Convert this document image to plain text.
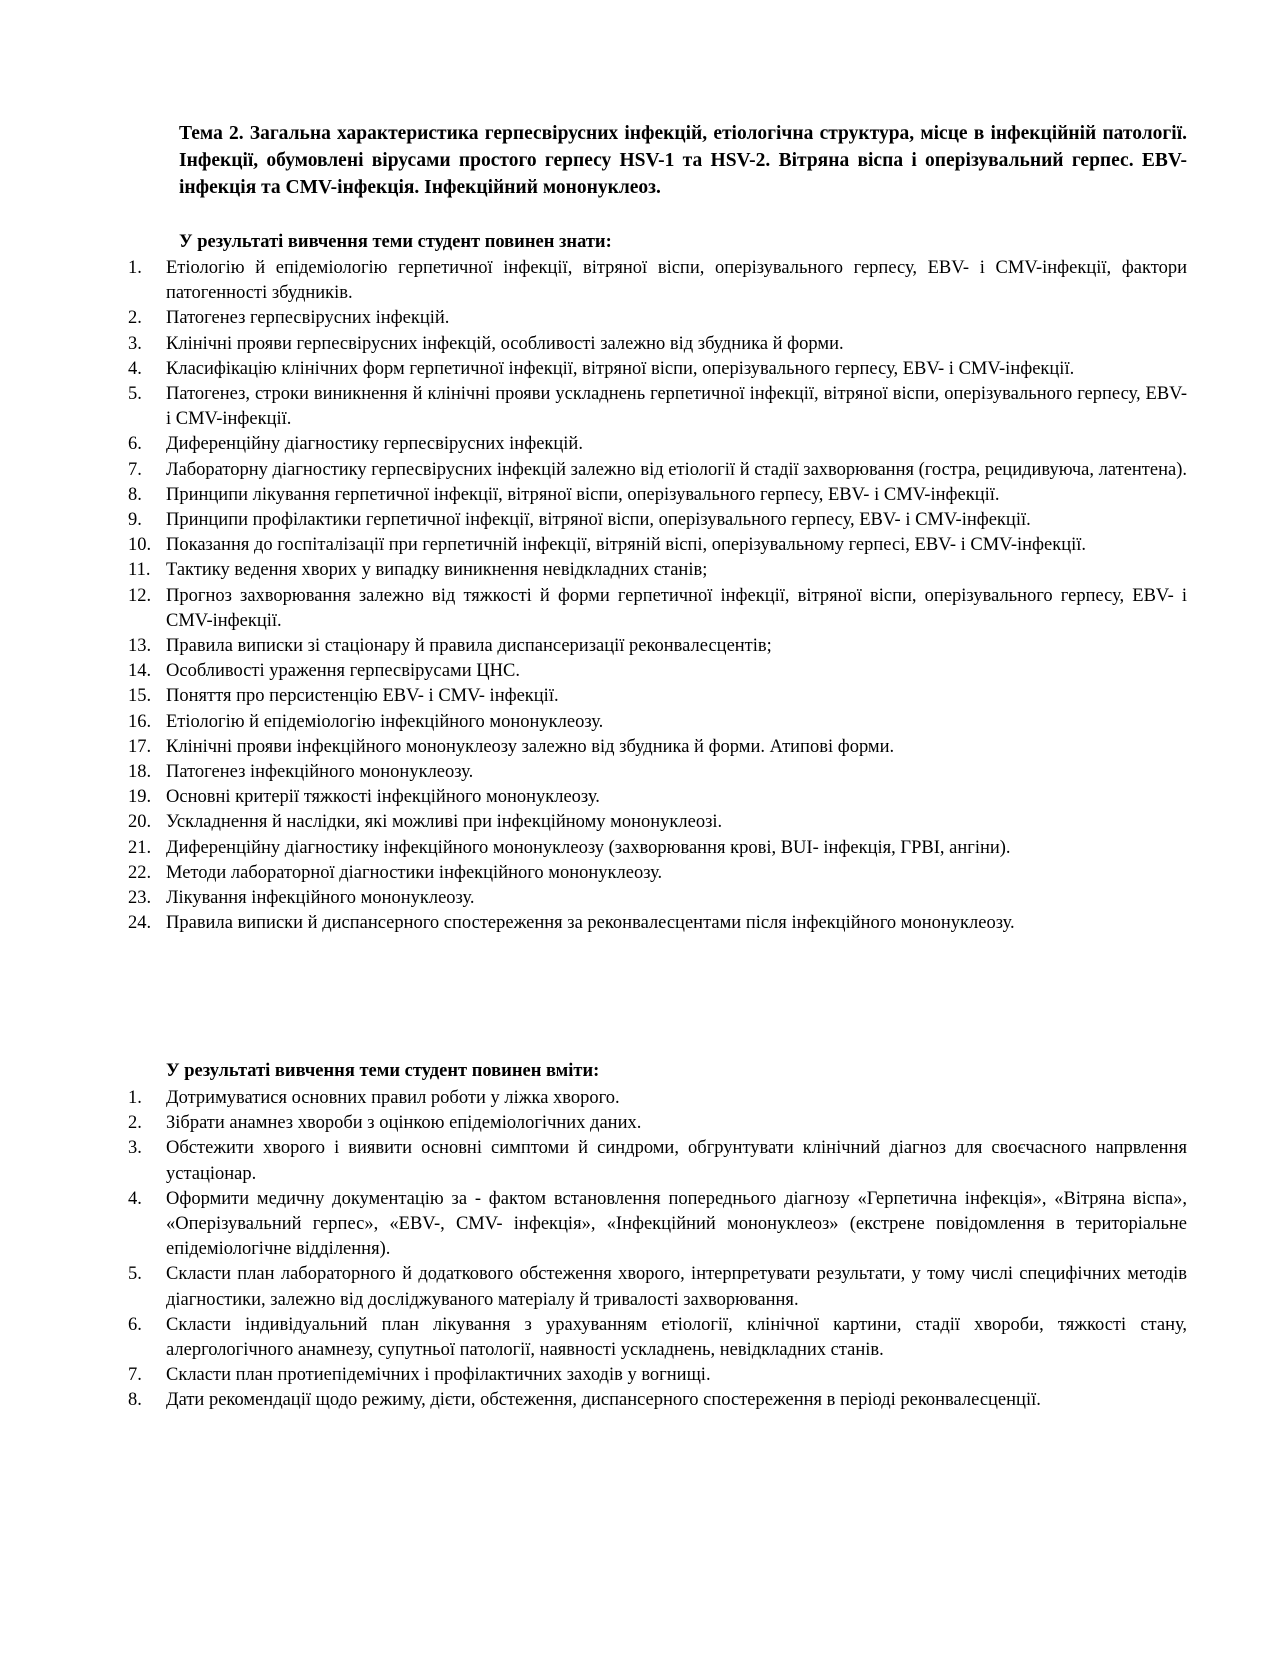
Тема 2. Загальна характеристика герпесвірусних інфекцій, етіологічна структура, місце в інфекційній патології. Інфекції, обумовлені вірусами простого герпесу HSV-1 та HSV-2. Вітряна віспа і оперізувальний герпес. EBV-інфекція та CMV-інфекція. Інфекційний мононуклеоз.

У результаті вивчення теми студент повинен знати:

1.	Етіологію й епідеміологію герпетичної інфекції, вітряної віспи, оперізувального герпесу, EBV- і CMV-інфекції, фактори патогенності збудників.
2.	Патогенез герпесвірусних інфекцій.
3.	Клінічні прояви герпесвірусних інфекцій, особливості залежно від збудника й форми.
4.	Класифікацію клінічних форм герпетичної інфекції, вітряної віспи, оперізувального герпесу, EBV- і CMV-інфекції.
5.	Патогенез, строки виникнення й клінічні прояви ускладнень герпетичної інфекції, вітряної віспи, оперізувального герпесу, EBV- і CMV-інфекції.
6.	Диференційну діагностику герпесвірусних інфекцій.
7.	Лабораторну діагностику герпесвірусних інфекцій залежно від етіології й стадії захворювання (гостра, рецидивуюча, латентена).
8.	Принципи лікування герпетичної інфекції, вітряної віспи, оперізувального герпесу, EBV- і CMV-інфекції.
9.	Принципи профілактики герпетичної інфекції, вітряної віспи, оперізувального герпесу, EBV- і CMV-інфекції.
10. Показання до госпіталізації при герпетичній інфекції, вітряній віспі, оперізувальному герпесі, EBV- і CMV-інфекції.
11. Тактику ведення хворих у випадку виникнення невідкладних станів;
12. Прогноз захворювання залежно від тяжкості й форми герпетичної інфекції, вітряної віспи, оперізувального герпесу, EBV- і CMV-інфекції.
13. Правила виписки зі стаціонару й правила диспансеризації реконвалесцентів;
14. Особливості ураження герпесвірусами ЦНС.
15. Поняття про персистенцію EBV- і CMV- інфекції.
16. Етіологію й епідеміологію інфекційного мононуклеозу.
17. Клінічні прояви інфекційного мононуклеозу залежно від збудника й форми. Атипові форми.
18. Патогенез інфекційного мононуклеозу.
19. Основні критерії тяжкості інфекційного мононуклеозу.
20. Ускладнення й наслідки, які можливі при інфекційному мононуклеозі.
21. Диференційну діагностику інфекційного мононуклеозу (захворювання крові, BUI- інфекція, ГРВІ, ангіни).
22. Методи лабораторної діагностики інфекційного мононуклеозу.
23. Лікування інфекційного мононуклеозу.
24. Правила виписки й диспансерного спостереження за реконвалесцентами після інфекційного мононуклеозу.

У результаті вивчення теми студент повинен вміти:

1.	Дотримуватися основних правил роботи у ліжка хворого.
2.	Зібрати анамнез хвороби з оцінкою епідеміологічних даних.
3.	Обстежити хворого і виявити основні симптоми й синдроми, обгрунтувати клінічний діагноз для своєчасного напрвлення устаціонар.
4.	Оформити медичну документацію за - фактом встановлення попереднього діагнозу «Герпетична інфекція», «Вітряна віспа», «Оперізувальний герпес», «EBV-, CMV- інфекція», «Інфекційний мононуклеоз» (екстрене повідомлення в територіальне епідеміологічне відділення).
5.	Скласти план лабораторного й додаткового обстеження хворого, інтерпретувати результати, у тому числі специфічних методів діагностики, залежно від досліджуваного матеріалу й тривалості захворювання.
6.	Скласти індивідуальний план лікування з урахуванням етіології, клінічної картини, стадії хвороби, тяжкості стану, алергологічного анамнезу, супутньої патології, наявності ускладнень, невідкладних станів.
7.	Скласти план протиепідемічних і профілактичних заходів у вогнищі.
8.	Дати рекомендації щодо режиму, дієти, обстеження, диспансерного спостереження в періоді реконвалесценції.
